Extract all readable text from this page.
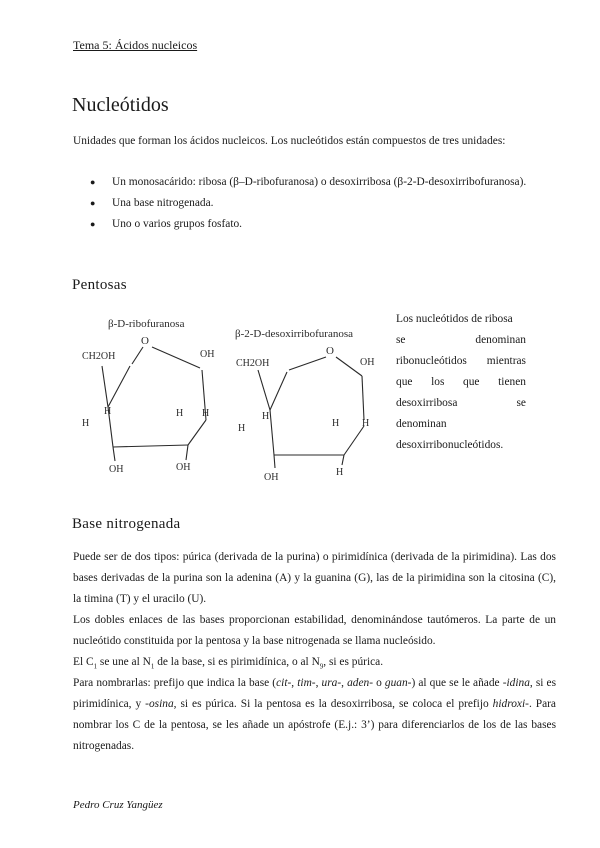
Tema 5: Ácidos nucleicos
Nucleótidos
Unidades que forman los ácidos nucleicos. Los nucleótidos están compuestos de tres unidades:
● Un monosacárido: ribosa (β–D-ribofuranosa) o desoxirribosa (β-2-D-desoxirribofuranosa).
● Una base nitrogenada.
● Uno o varios grupos fosfato.
Pentosas
β-D-ribofuranosa
O
CH2OH	OH
H
H
H H
OH
OH
β-2-D-desoxirribofuranosa
O
CH2OH	OH
H
H	H H
OH	H
Los nucleótidos de ribosa
se	denominan
ribonucleótidos mientras
que los que tienen
desoxirribosa	se
denominan
desoxirribonucleótidos.
Base nitrogenada
Puede ser de dos tipos: púrica (derivada de la purina) o pirimidínica (derivada de la pirimidina). Las dos bases derivadas de la purina son la adenina (A) y la guanina (G), las de la pirimidina son la citosina (C), la timina (T) y el uracilo (U).
Los dobles enlaces de las bases proporcionan estabilidad, denominándose tautómeros. La parte de un nucleótido constituida por la pentosa y la base nitrogenada se llama nucleósido.
El $C_1$ se une al $N_1$ de la base, si es pirimidínica, o al $N_9$, si es púrica.
Para nombrarlas: prefijo que indica la base (cit-, tim-, ura-, aden- o guan-) al que se le añade -idina, si es pirimidínica, y -osina, si es púrica. Si la pentosa es la desoxirribosa, se coloca el prefijo hidroxi-. Para nombrar los C de la pentosa, se les añade un apóstrofe (E.j.: 3’) para diferenciarlos de los de las bases nitrogenadas.
Pedro Cruz Yangüez
